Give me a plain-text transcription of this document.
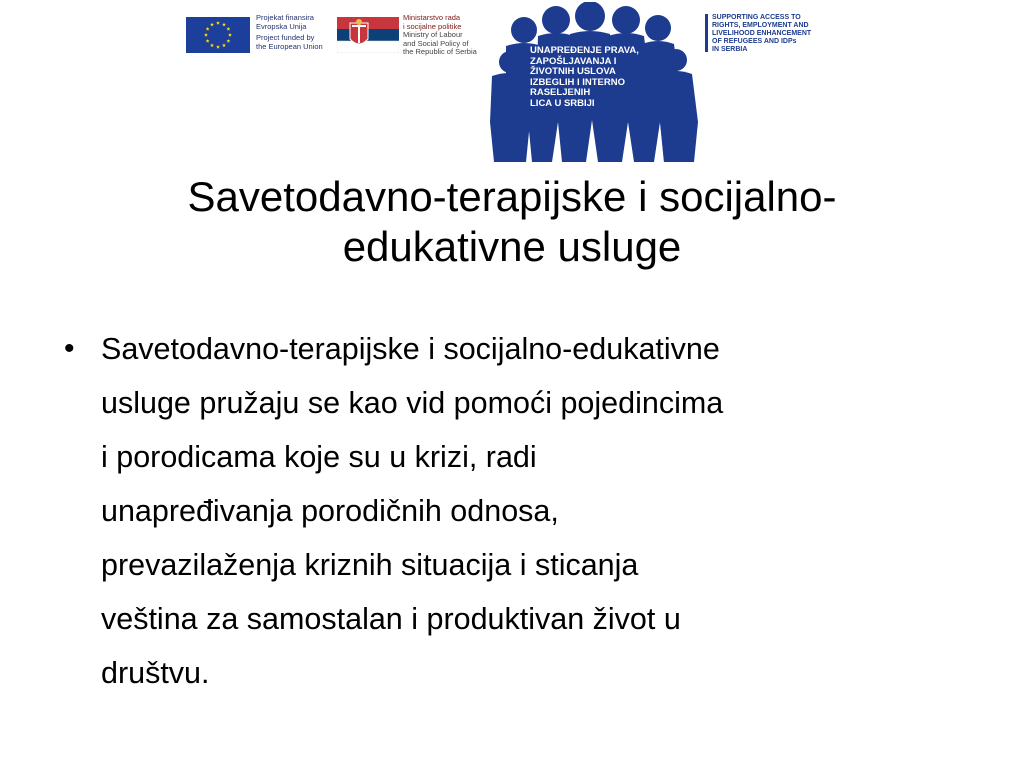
Projekat finansira
Evropska Unija
Project funded by
the European Union
Ministarstvo rada
i socijalne politike
Ministry of Labour
and Social Policy of
the Republic of Serbia	UNAPREĐENJE PRAVA,
ZAPOŠLJAVANJA I
ŽIVOTNIH USLOVA
IZBEGLIH I INTERNO
RASELJENIH
LICA U SRBIJI
SUPPORTING ACCESS TO
RIGHTS, EMPLOYMENT AND
LIVELIHOOD ENHANCEMENT
OF REFUGEES AND IDPs
IN SERBIA
Savetodavno-terapijske i socijalno-
edukativne usluge
• Savetodavno-terapijske i socijalno-edukativne
usluge pružaju se kao vid pomoći pojedincima
i porodicama koje su u krizi, radi
unapređivanja porodičnih odnosa,
prevazilaženja kriznih situacija i sticanja
veština za samostalan i produktivan život u
društvu.
